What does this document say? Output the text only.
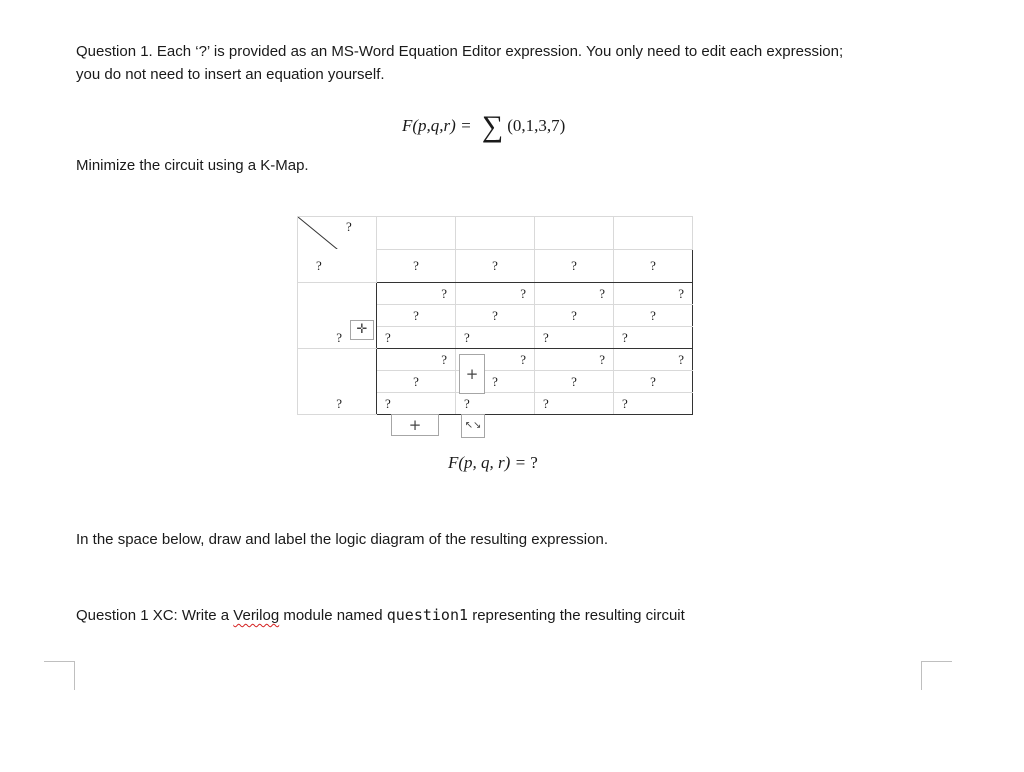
Question 1. Each ‘?’ is provided as an MS-Word Equation Editor expression. You only need to edit each expression;
you do not need to insert an equation yourself.

F(p,q,r) = ∑ (0,1,3,7)

Minimize the circuit using a K-Map.

?				

?	?	?	?	?

	?	?	?	?

	?	?	?	?

?	?	?	?	?

	?	?	?	?

	?	?	?	?

?	?	?	?	?
✛
+
+	↖↘
F(p, q, r) = ?

In the space below, draw and label the logic diagram of the resulting expression.

Question 1 XC: Write a Verilog module named question1 representing the resulting circuit
